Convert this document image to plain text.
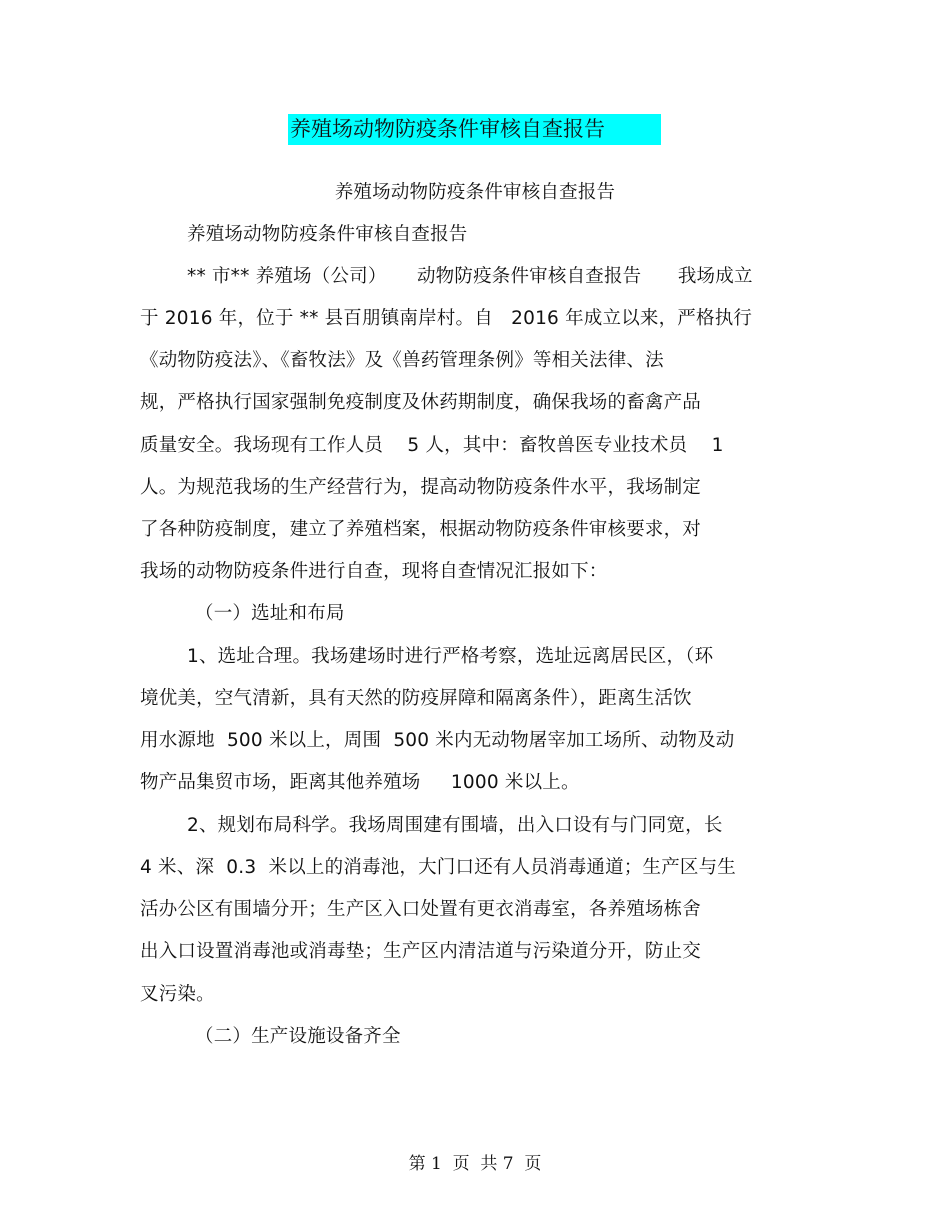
养殖场动物防疫条件审核自查报告
养殖场动物防疫条件审核自查报告
养殖场动物防疫条件审核自查报告
** 市** 养殖场（公司）     动物防疫条件审核自查报告      我场成立
于 2016 年，位于 ** 县百朋镇南岸村。自   2016 年成立以来，严格执行
《动物防疫法》、《畜牧法》及《兽药管理条例》等相关法律、法
规，严格执行国家强制免疫制度及休药期制度，确保我场的畜禽产品
质量安全。我场现有工作人员    5 人，其中：畜牧兽医专业技术员    1
人。为规范我场的生产经营行为，提高动物防疫条件水平，我场制定
了各种防疫制度，建立了养殖档案，根据动物防疫条件审核要求，对
我场的动物防疫条件进行自查，现将自查情况汇报如下：
（一）选址和布局
1、选址合理。我场建场时进行严格考察，选址远离居民区，（环
境优美，空气清新，具有天然的防疫屏障和隔离条件），距离生活饮
用水源地  500 米以上，周围  500 米内无动物屠宰加工场所、动物及动
物产品集贸市场，距离其他养殖场     1000 米以上。
2、规划布局科学。我场周围建有围墙，出入口设有与门同宽，长
4 米、深  0.3  米以上的消毒池，大门口还有人员消毒通道；生产区与生
活办公区有围墙分开；生产区入口处置有更衣消毒室，各养殖场栋舍
出入口设置消毒池或消毒垫；生产区内清洁道与污染道分开，防止交
叉污染。
（二）生产设施设备齐全
第 1  页  共 7  页
